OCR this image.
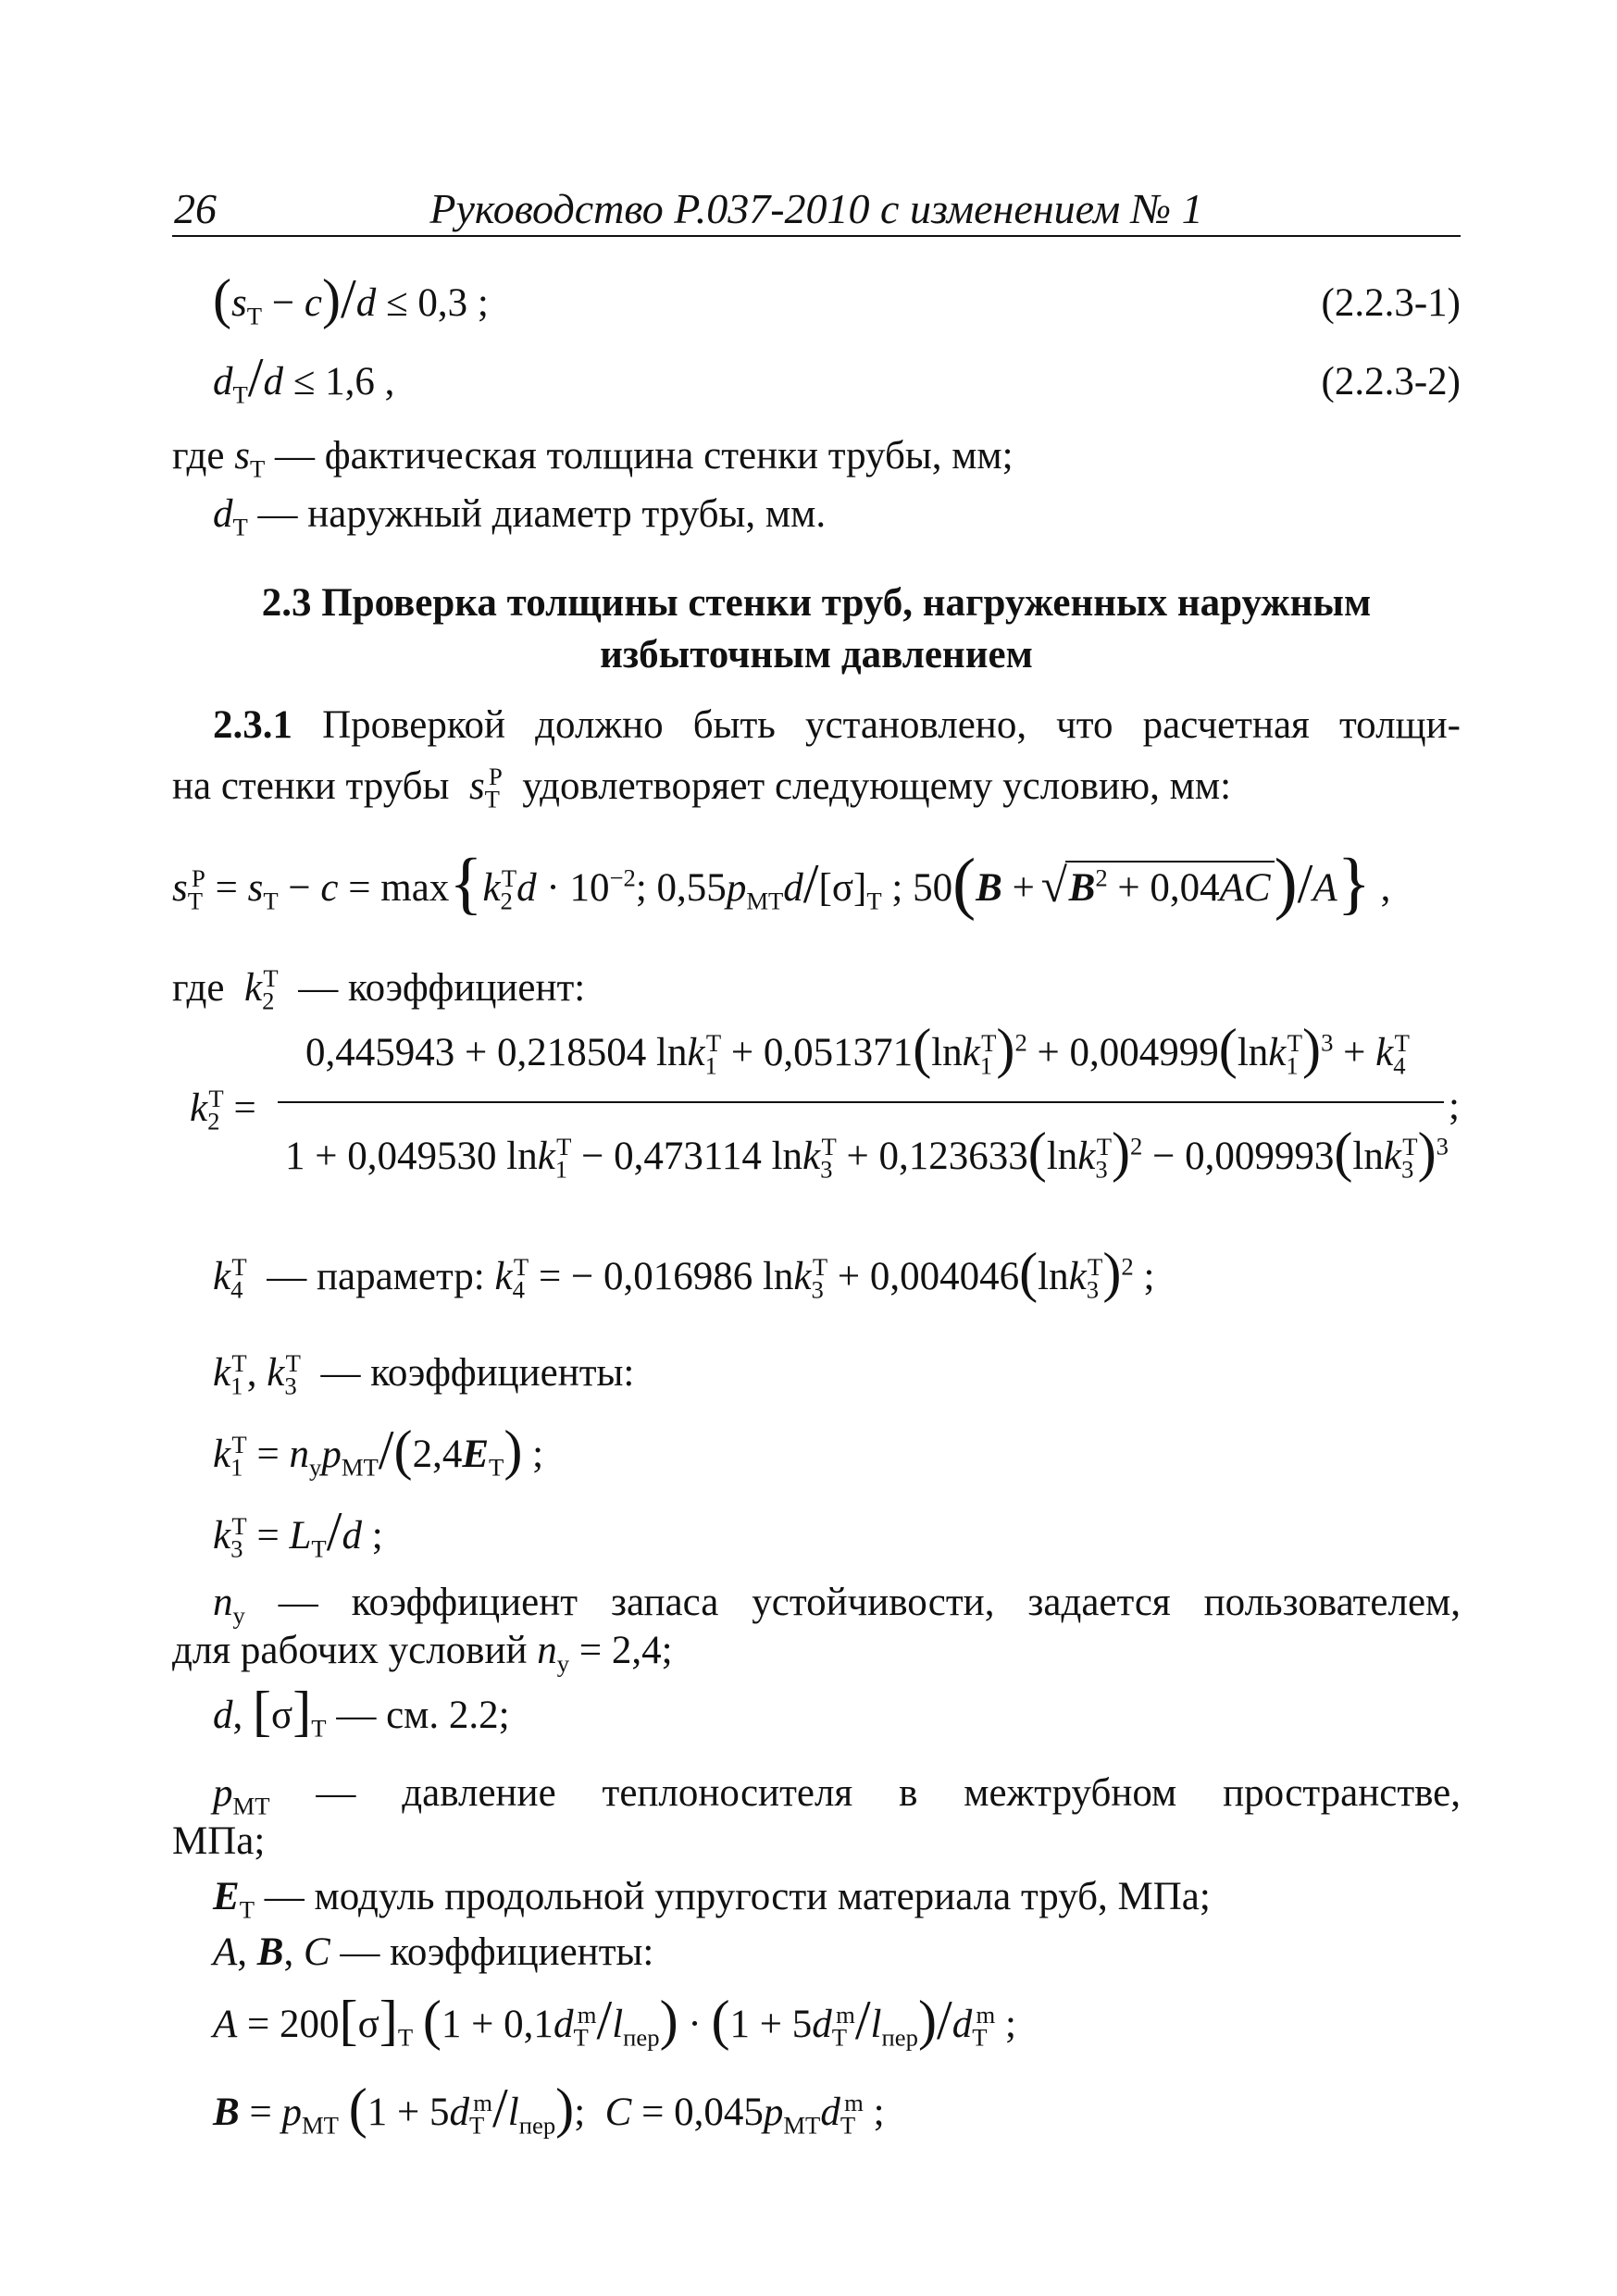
26	Руководство Р.037-2010 с изменением № 1
$(s_Т - c)/d \le 0,3$ ;	(2.2.3-1)
$d_Т/d \le 1,6$ ,	(2.2.3-2)
где $s_Т$ — фактическая толщина стенки трубы, мм;
$d_Т$ — наружный диаметр трубы, мм.
2.3 Проверка толщины стенки труб, нагруженных наружным
избыточным давлением
2.3.1 Проверкой должно быть установлено, что расчетная толщи-
на стенки трубы $s_Т^Р$ удовлетворяет следующему условию, мм:
$s_Т^Р = s_Т - c = \max\{k_2^Тd \cdot 10^{-2}$; $0,55p_{МТ}d/[\sigma]_Т$ ; 50(B + √ $B^2 + 0,04AC)/A$} ,
где $k_2^Т$ — коэффициент:
$k_2^Т$ =
0,445943 + 0,218504 $\ln k_1^Т + 0,051371(\ln k_1^Т)^2 + 0,004999(\ln k_1^Т)^3 + k_4^Т$
;
1 + 0,049530 lnk$_1^Т$ − 0,473114 $\ln k_3^Т + 0,123633(\ln k_3^Т)^2 - 0,009993(\ln k_3^Т)^3$
$k_4^Т$ — параметр: $k_4^Т$ = − 0,016986 $\ln k_3^Т + 0,004046(\ln k_3^Т)^2$ ;
$k_1^Т$, $k_3^Т$ — коэффициенты:
$k_1^Т = n_уp_{МТ}/(2,4E_Т)$ ;
$k_3^Т = L_Т/d$ ;
$n_у$ — коэффициент запаса устойчивости, задается пользователем,
для рабочих условий $n_у = 2,4$;
d, $[\sigma]_Т$ — см. 2.2;
$p_{МТ}$ — давление теплоносителя в межтрубном пространстве,
МПа;
$E_Т$ — модуль продольной упругости материала труб, МПа;
A, B, C — коэффициенты:
$A = 200[\sigma]_Т$ $(1 + 0,1d_Т^m/l_{пер}) \cdot (1 + 5d_Т^m/l_{пер})/d_Т^m$ ;
$B = p_{МТ}$ $(1 + 5d_Т^m/l_{пер})$;  $C = 0,045p_{МТ}d_Т^m$ ;
